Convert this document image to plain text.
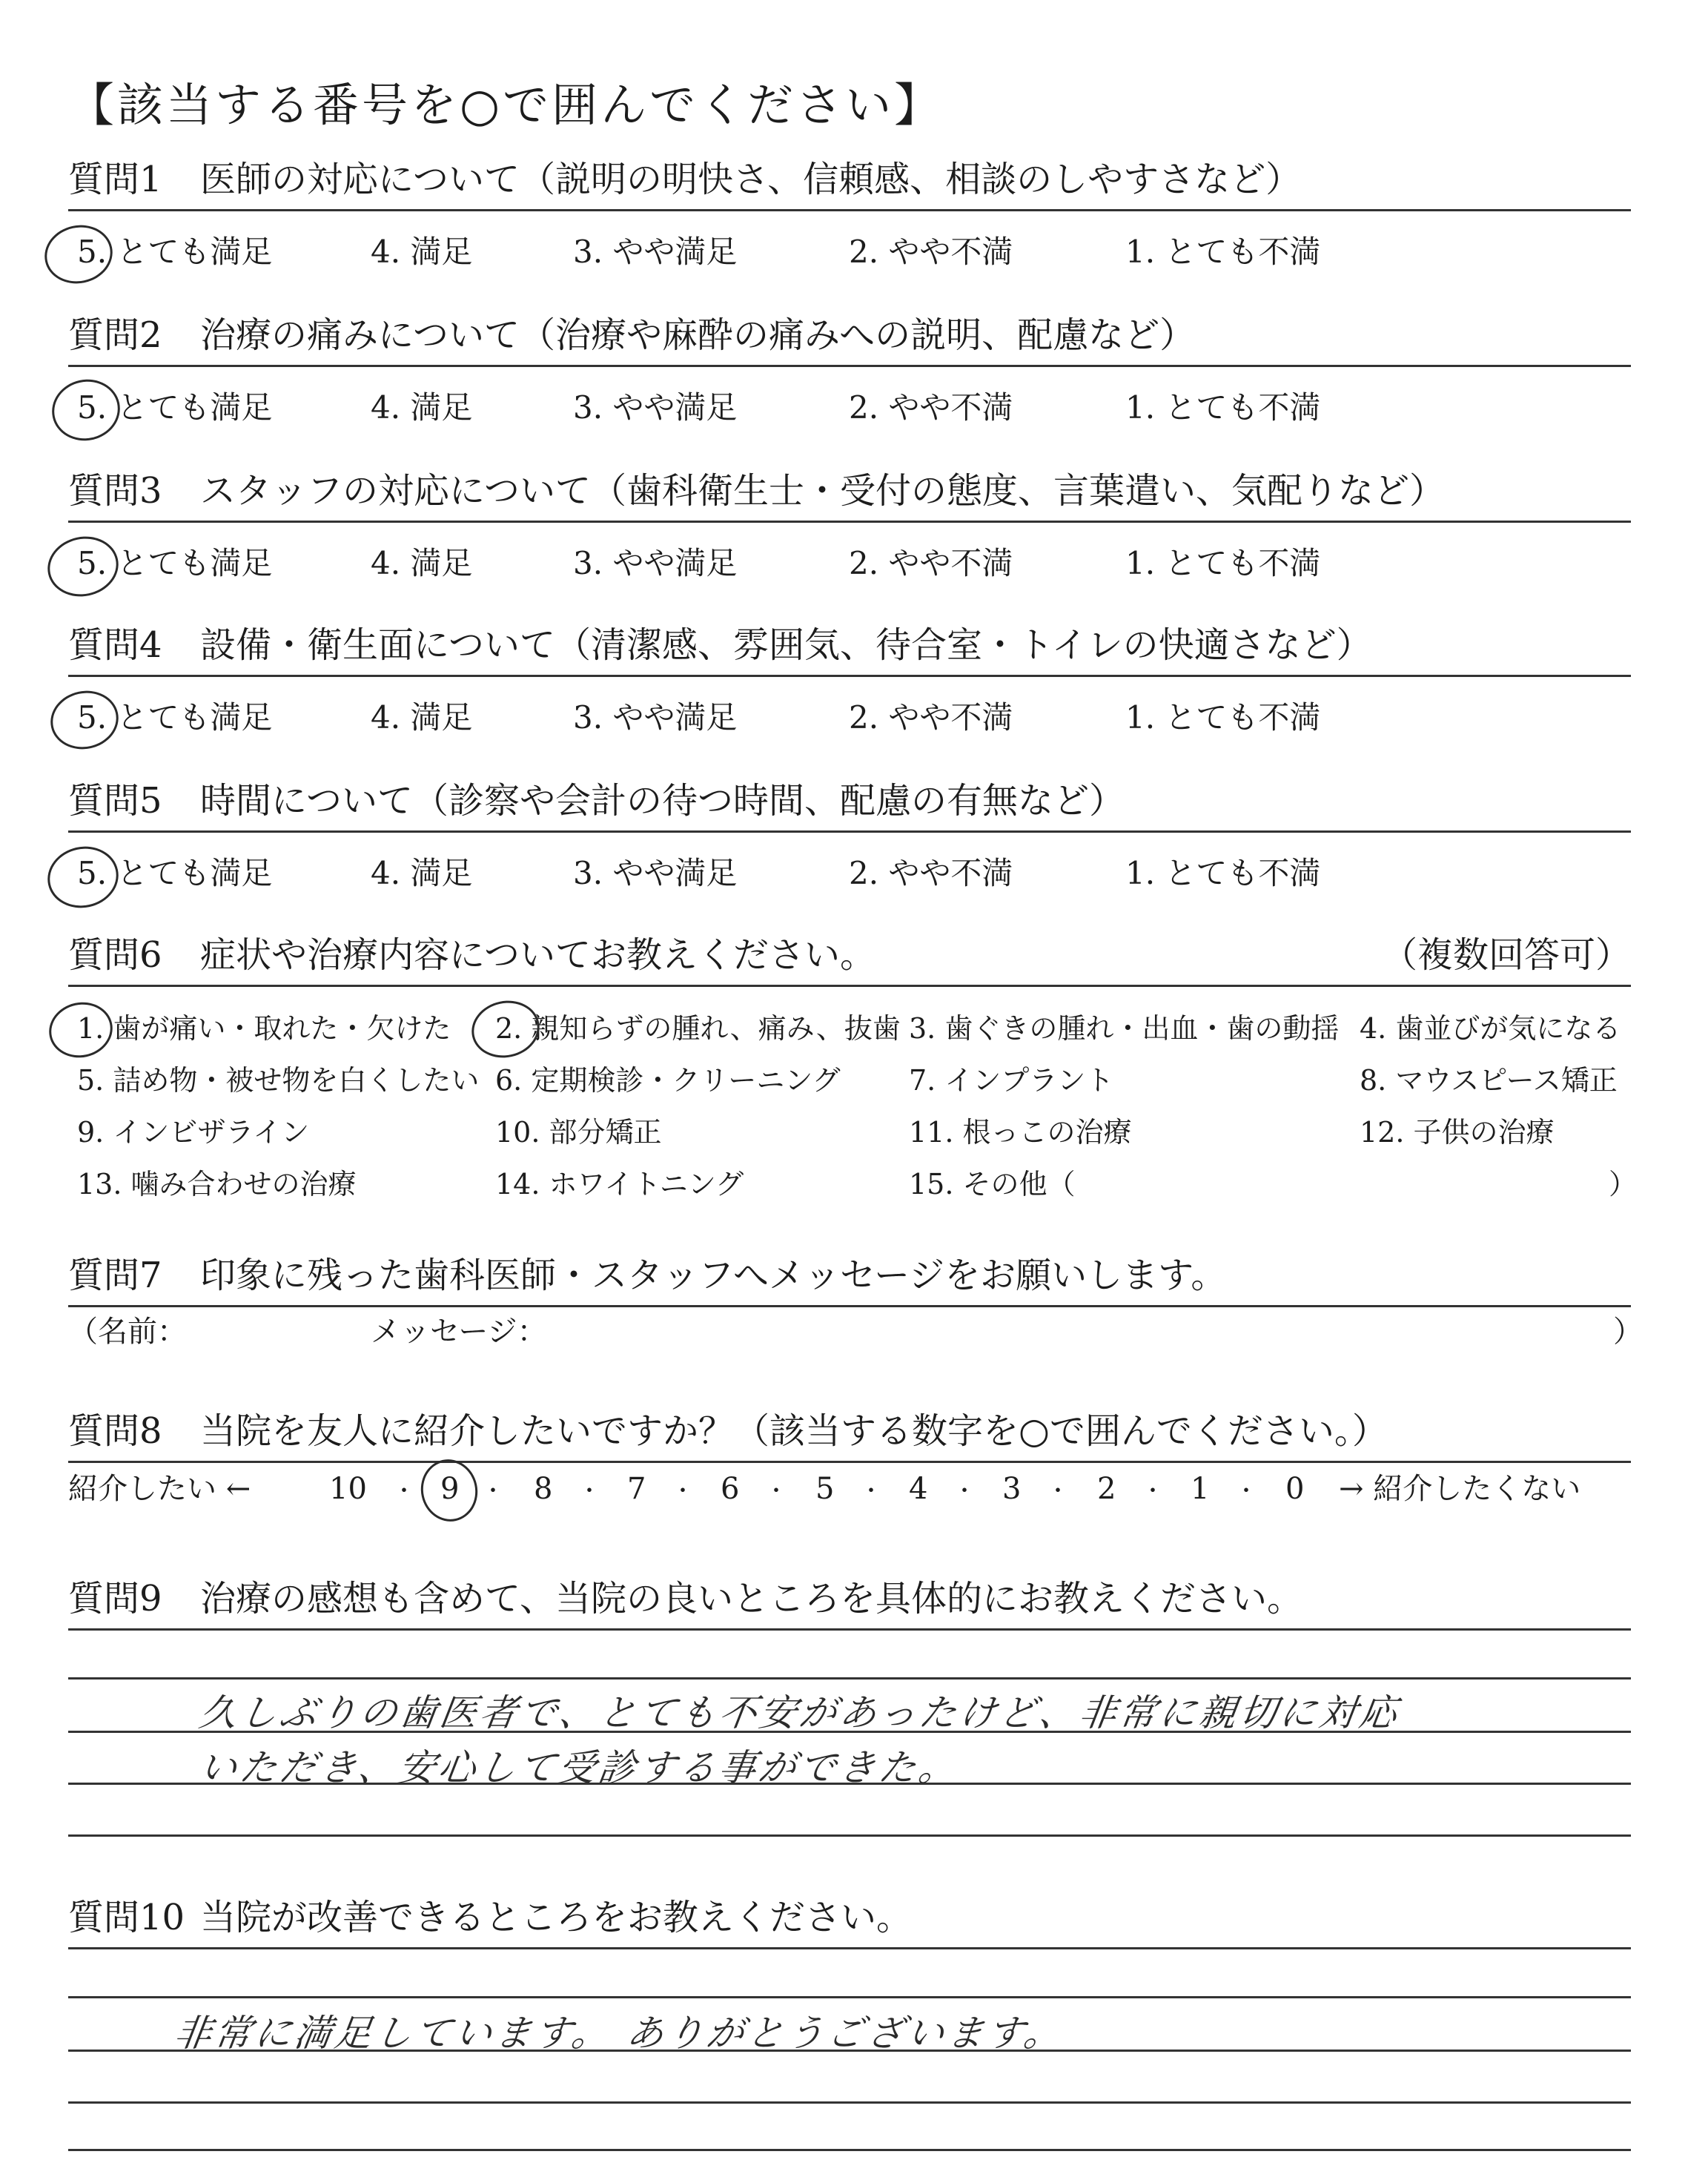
【該当する番号を○で囲んでください】
質問1 医師の対応について（説明の明快さ、信頼感、相談のしやすさなど）
5. とても満足	4. 満足	3. やや満足	2. やや不満	1. とても不満
質問2 治療の痛みについて（治療や麻酔の痛みへの説明、配慮など）
5. とても満足	4. 満足	3. やや満足	2. やや不満	1. とても不満
質問3 スタッフの対応について（歯科衛生士・受付の態度、言葉遣い、気配りなど）
5. とても満足	4. 満足	3. やや満足	2. やや不満	1. とても不満
質問4 設備・衛生面について（清潔感、雰囲気、待合室・トイレの快適さなど）
5. とても満足	4. 満足	3. やや満足	2. やや不満	1. とても不満
質問5 時間について（診察や会計の待つ時間、配慮の有無など）
5. とても満足	4. 満足	3. やや満足	2. やや不満	1. とても不満
質問6 症状や治療内容についてお教えください。	（複数回答可）
1. 歯が痛い・取れた・欠けた 2. 親知らずの腫れ、痛み、抜歯 3. 歯ぐきの腫れ・出血・歯の動揺 4. 歯並びが気になる
5. 詰め物・被せ物を白くしたい 6. 定期検診・クリーニング 7. インプラント	8. マウスピース矯正
9. インビザライン	10. 部分矯正	11. 根っこの治療	12. 子供の治療
13. 噛み合わせの治療	14. ホワイトニング	15. その他（	）
質問7 印象に残った歯科医師・スタッフへメッセージをお願いします。
（名前：	メッセージ：	）
質問8 当院を友人に紹介したいですか？（該当する数字を○で囲んでください。）
紹介したい ←	10 ・ 9 ・ 8 ・ 7 ・ 6 ・ 5 ・ 4 ・ 3 ・ 2 ・ 1 ・ 0 → 紹介したくない
質問9 治療の感想も含めて、当院の良いところを具体的にお教えください。
久しぶりの歯医者で、とても不安があったけど、非常に親切に対応
いただき、安心して受診する事ができた。
質問10 当院が改善できるところをお教えください。
非常に満足しています。 ありがとうございます。
